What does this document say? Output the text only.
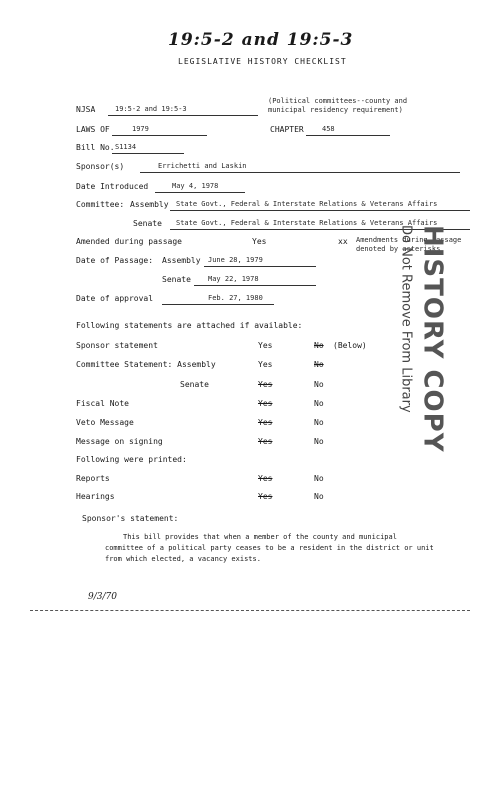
19:5-2 and 19:5-3
LEGISLATIVE HISTORY CHECKLIST
NJSA	19:5-2 and 19:5-3
(Political committees--county and
municipal residency requirement)
LAWS OF	1979	CHAPTER	458
Bill No. S1134
Sponsor(s)	Errichetti and Laskin
Date Introduced	May 4, 1978
Committee: Assembly State Govt., Federal & Interstate Relations & Veterans Affairs
Senate State Govt., Federal & Interstate Relations & Veterans Affairs
Amended during passage	Yes	xx Amendments during passage
denoted by asterisks
Date of Passage: Assembly June 28, 1979
Senate May 22, 1978
Date of approval	Feb. 27, 1980
Following statements are attached if available:
Sponsor statement	Yes	No (Below)
Committee Statement: Assembly	Yes	No
Senate	Yes	No
Fiscal Note	Yes	No
Veto Message	Yes	No
Message on signing	Yes	No
Following were printed:
Reports	Yes	No
Hearings	Yes	No
Sponsor's statement:
This bill provides that when a member of the county and municipal committee of a political party ceases to be a resident in the district or unit from which elected, a vacancy exists.
9/3/70
HISTORY COPY
Do Not Remove From Library
